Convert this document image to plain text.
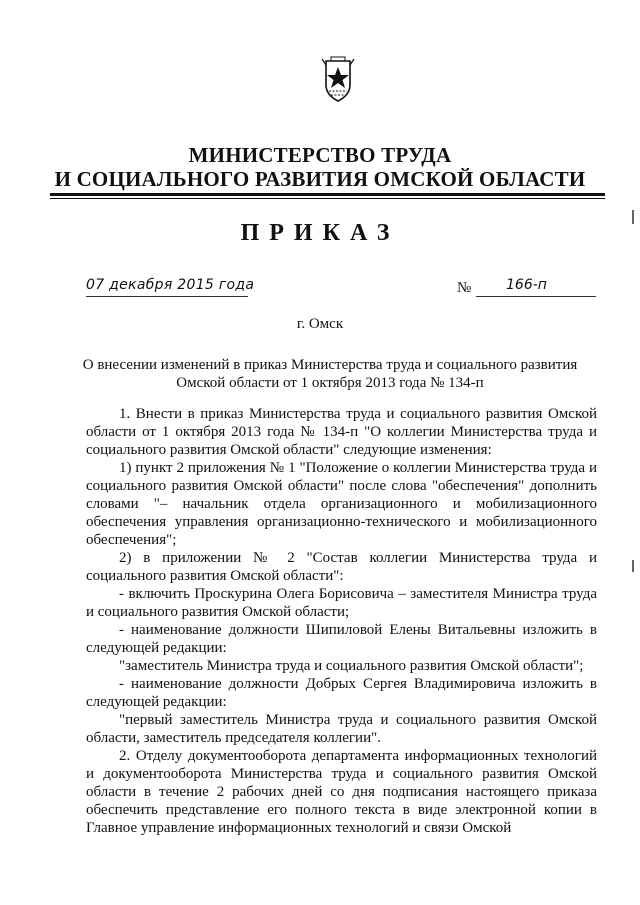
МИНИСТЕРСТВО ТРУДА
И СОЦИАЛЬНОГО РАЗВИТИЯ ОМСКОЙ ОБЛАСТИ
ПРИКАЗ
07 декабря 2015 года	№ 166-п
г. Омск
О внесении изменений в приказ Министерства труда и социального развития
Омской области от 1 октября 2013 года № 134-п

1. Внести в приказ Министерства труда и социального развития Омской области от 1 октября 2013 года № 134-п "О коллегии Министерства труда и социального развития Омской области" следующие изменения:

1) пункт 2 приложения № 1 "Положение о коллегии Министерства труда и социального развития Омской области" после слова "обеспечения" дополнить словами "– начальник отдела организационного и мобилизационного обеспечения управления организационно-технического и мобилизационного обеспечения";

2) в приложении № 2 "Состав коллегии Министерства труда и социального развития Омской области":

- включить Проскурина Олега Борисовича – заместителя Министра труда и социального развития Омской области;

- наименование должности Шипиловой Елены Витальевны изложить в следующей редакции:

"заместитель Министра труда и социального развития Омской области";

- наименование должности Добрых Сергея Владимировича изложить в следующей редакции:

"первый заместитель Министра труда и социального развития Омской области, заместитель председателя коллегии".

2. Отделу документооборота департамента информационных технологий и документооборота Министерства труда и социального развития Омской области в течение 2 рабочих дней со дня подписания настоящего приказа обеспечить представление его полного текста в виде электронной копии в Главное управление информационных технологий и связи Омской
